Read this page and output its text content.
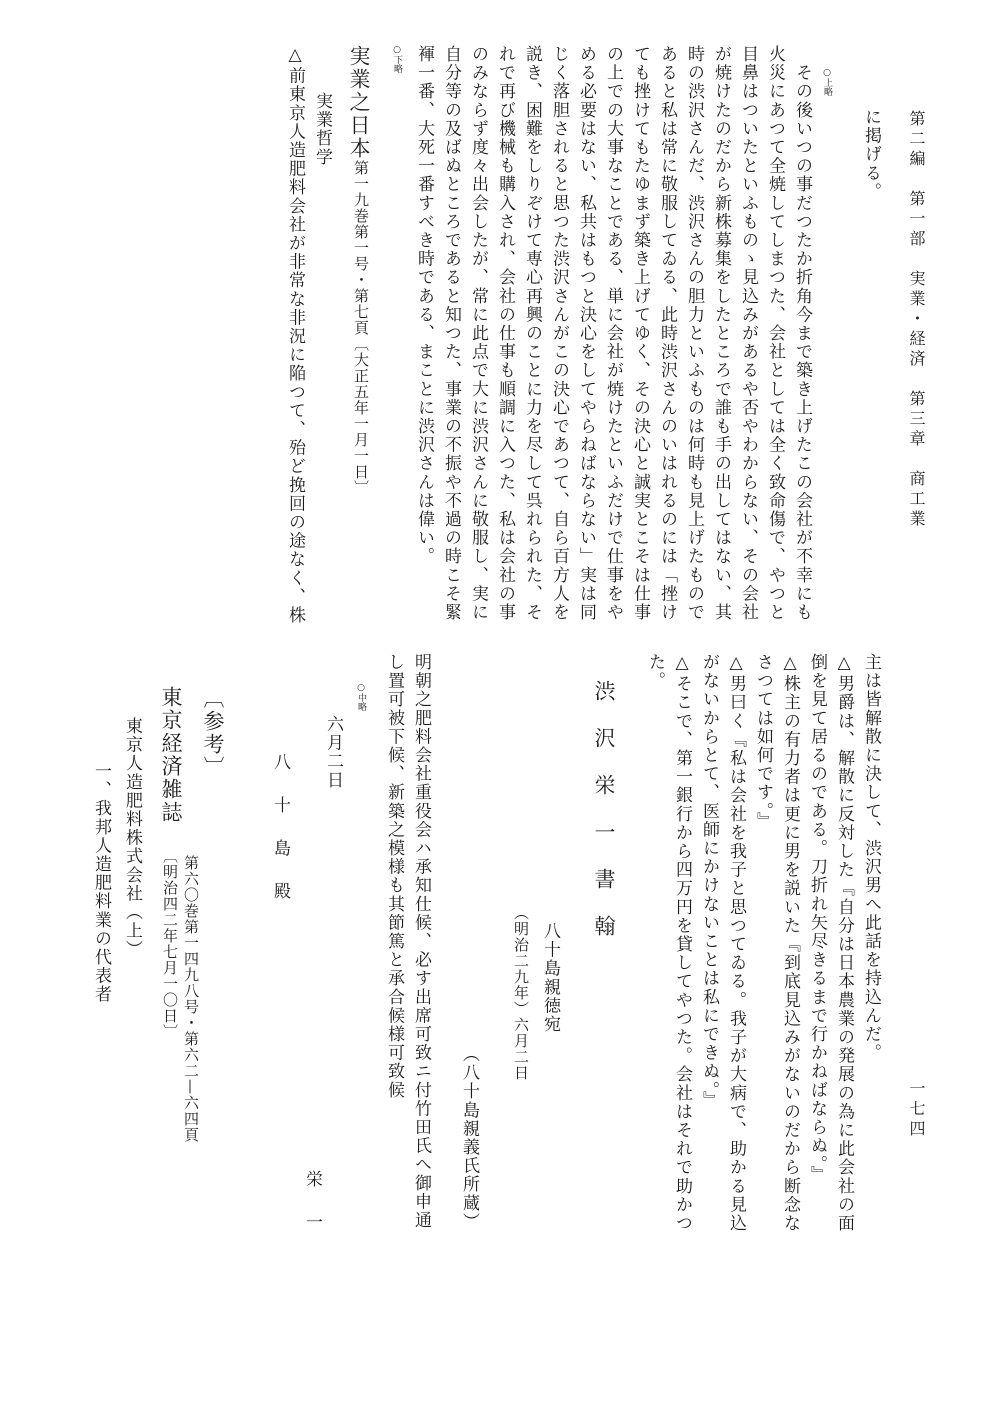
第二編　第一部　実業・経済　第三章　商工業
一七四
に掲げる。
○上略
　その後いつの事だつたか折角今まで築き上げたこの会社が不幸にも
火災にあつて全焼してしまつた、会社としては全く致命傷で、やつと
目鼻はついたといふものゝ見込みがあるや否やわからない、その会社
が焼けたのだから新株募集をしたところで誰も手の出してはない、其
時の渋沢さんだ、渋沢さんの胆力といふものは何時も見上げたもので
あると私は常に敬服してゐる、此時渋沢さんのいはれるのには「挫け
ても挫けてもたゆまず築き上げてゆく、その決心と誠実とこそは仕事
の上での大事なことである、単に会社が焼けたといふだけで仕事をや
める必要はない、私共はもつと決心をしてやらねばならない」実は同
じく落胆されると思つた渋沢さんがこの決心であつて、自ら百方人を
説き、困難をしりぞけて専心再興のことに力を尽して呉れられた、そ
れで再び機械も購入され、会社の仕事も順調に入つた、私は会社の事
のみならず度々出会したが、常に此点で大に渋沢さんに敬服し、実に
自分等の及ばぬところであると知つた、事業の不振や不過の時こそ緊
褌一番、大死一番すべき時である、まことに渋沢さんは偉い。
○下略
実業之日本
第一九巻第一号・第七頁〔大正五年一月一日〕
実業哲学
△前東京人造肥料会社が非常な非況に陥つて、殆ど挽回の途なく、株
主は皆解散に決して、渋沢男へ此話を持込んだ。
△男爵は、解散に反対した『自分は日本農業の発展の為に此会社の面
倒を見て居るのである。刀折れ矢尽きるまで行かねばならぬ。』
△株主の有力者は更に男を説いた『到底見込みがないのだから断念な
さつては如何です。』
△男曰く『私は会社を我子と思つてゐる。我子が大病で、助かる見込
がないからとて、医師にかけないことは私にできぬ。』
△そこで、第一銀行から四万円を貸してやつた。会社はそれで助かつ
た。
渋沢栄一書翰
八十島親徳宛
（明治二九年）六月二日
（八十島親義氏所蔵）
明朝之肥料会社重役会ハ承知仕候、必す出席可致ニ付竹田氏へ御申通
し置可被下候、新築之模様も其節篤と承合候様可致候
○中略
六月二日
栄一
八十島殿
〔参考〕
東京経済雑誌
第六〇巻第一四九八号・第六二—六四頁
〔明治四二年七月一〇日〕
東京人造肥料株式会社（上）
一、我邦人造肥料業の代表者
